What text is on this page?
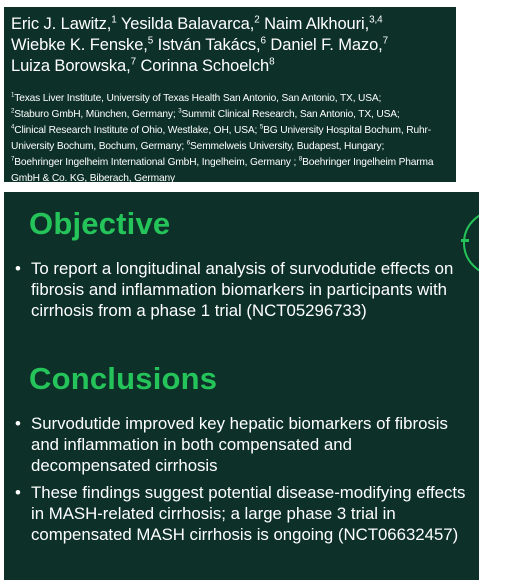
Eric J. Lawitz,$^1$ Yesilda Balavarca,$^2$ Naim Alkhouri,$^{3,4}$
Wiebke K. Fenske,$^5$ István Takács,$^6$ Daniel F. Mazo,$^7$
Luiza Borowska,$^7$ Corinna Schoelch$^8$

$^1$Texas Liver Institute, University of Texas Health San Antonio, San Antonio, TX, USA;
$^2$Staburo GmbH, München, Germany; $^3$Summit Clinical Research, San Antonio, TX, USA;
$^4$Clinical Research Institute of Ohio, Westlake, OH, USA; $^5$BG University Hospital Bochum, Ruhr-University Bochum, Bochum, Germany; $^6$Semmelweis University, Budapest, Hungary;
$^7$Boehringer Ingelheim International GmbH, Ingelheim, Germany ; $^8$Boehringer Ingelheim Pharma GmbH & Co. KG, Biberach, Germany

Objective
• To report a longitudinal analysis of survodutide effects on fibrosis and inflammation biomarkers in participants with cirrhosis from a phase 1 trial (NCT05296733)
Conclusions
• Survodutide improved key hepatic biomarkers of fibrosis and inflammation in both compensated and decompensated cirrhosis
• These findings suggest potential disease-modifying effects in MASH-related cirrhosis; a large phase 3 trial in compensated MASH cirrhosis is ongoing (NCT06632457)
